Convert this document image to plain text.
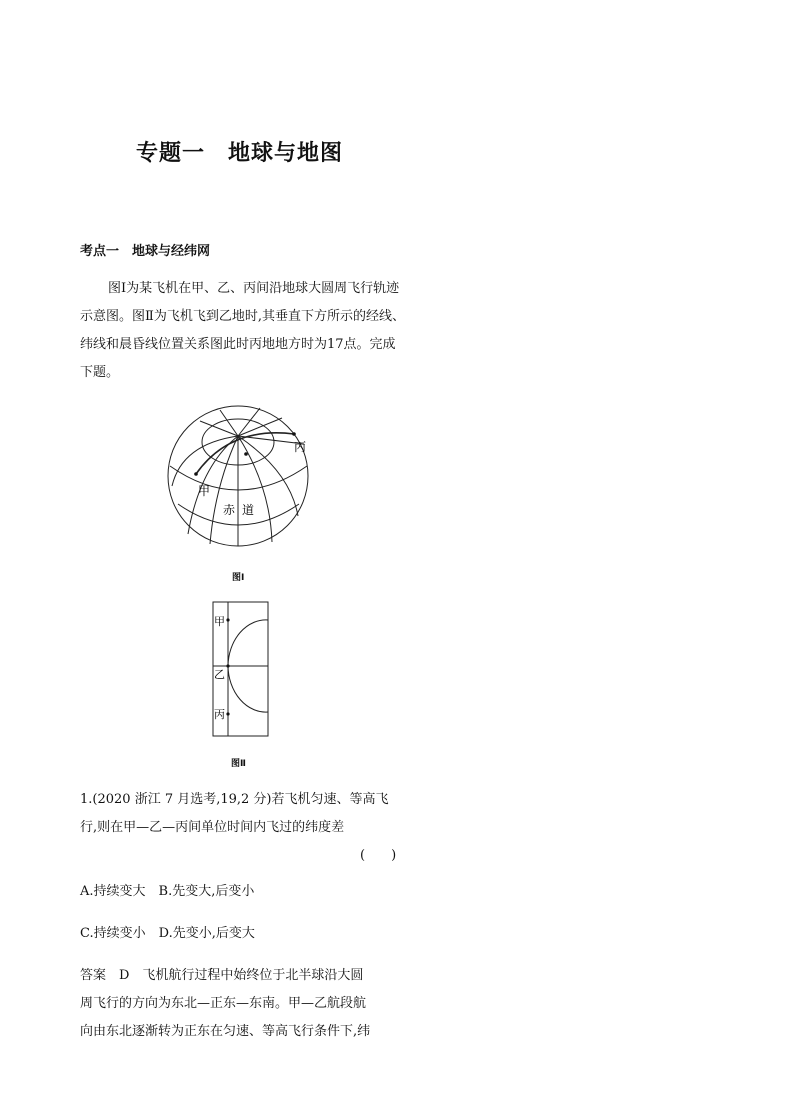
专题一　地球与地图
考点一　地球与经纬网
图Ⅰ为某飞机在甲、乙、丙间沿地球大圆周飞行轨迹示意图。图Ⅱ为飞机飞到乙地时,其垂直下方所示的经线、纬线和晨昏线位置关系图此时丙地地方时为17点。完成下题。
甲
丙
赤 道
图Ⅰ
甲
乙
丙
图Ⅱ
1.(2020 浙江 7 月选考,19,2 分)若飞机匀速、等高飞
行,则在甲—乙—丙间单位时间内飞过的纬度差
(　　)
A.持续变大　B.先变大,后变小
C.持续变小　D.先变小,后变大
答案　D　飞机航行过程中始终位于北半球沿大圆
周飞行的方向为东北—正东—东南。甲—乙航段航
向由东北逐渐转为正东在匀速、等高飞行条件下,纬
